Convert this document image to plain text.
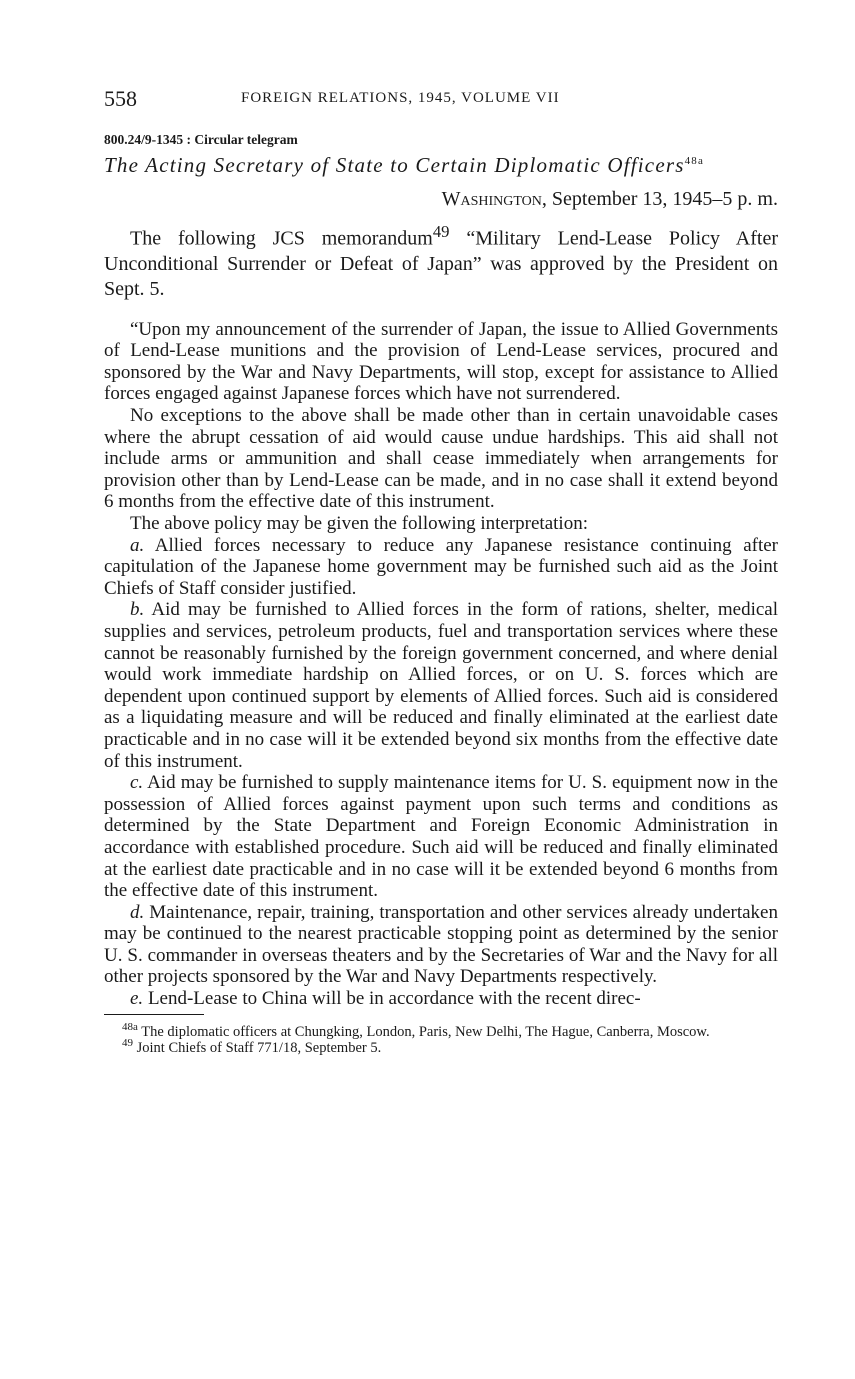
558	FOREIGN RELATIONS, 1945, VOLUME VII
800.24/9-1345 : Circular telegram
The Acting Secretary of State to Certain Diplomatic Officers$^{48a}$
Washington, September 13, 1945–5 p. m.

The following JCS memorandum$^{49}$ “Military Lend-Lease Policy After Unconditional Surrender or Defeat of Japan” was approved by the President on Sept. 5.

“Upon my announcement of the surrender of Japan, the issue to Allied Governments of Lend-Lease munitions and the provision of Lend-Lease services, procured and sponsored by the War and Navy Departments, will stop, except for assistance to Allied forces engaged against Japanese forces which have not surrendered.

No exceptions to the above shall be made other than in certain unavoidable cases where the abrupt cessation of aid would cause undue hardships. This aid shall not include arms or ammunition and shall cease immediately when arrangements for provision other than by Lend-Lease can be made, and in no case shall it extend beyond 6 months from the effective date of this instrument.

The above policy may be given the following interpretation:

a. Allied forces necessary to reduce any Japanese resistance continuing after capitulation of the Japanese home government may be furnished such aid as the Joint Chiefs of Staff consider justified.

b. Aid may be furnished to Allied forces in the form of rations, shelter, medical supplies and services, petroleum products, fuel and transportation services where these cannot be reasonably furnished by the foreign government concerned, and where denial would work immediate hardship on Allied forces, or on U. S. forces which are dependent upon continued support by elements of Allied forces. Such aid is considered as a liquidating measure and will be reduced and finally eliminated at the earliest date practicable and in no case will it be extended beyond six months from the effective date of this instrument.

c. Aid may be furnished to supply maintenance items for U. S. equipment now in the possession of Allied forces against payment upon such terms and conditions as determined by the State Department and Foreign Economic Administration in accordance with established procedure. Such aid will be reduced and finally eliminated at the earliest date practicable and in no case will it be extended beyond 6 months from the effective date of this instrument.

d. Maintenance, repair, training, transportation and other services already undertaken may be continued to the nearest practicable stopping point as determined by the senior U. S. commander in overseas theaters and by the Secretaries of War and the Navy for all other projects sponsored by the War and Navy Departments respectively.

e. Lend-Lease to China will be in accordance with the recent direc-

$^{48a}$ The diplomatic officers at Chungking, London, Paris, New Delhi, The Hague, Canberra, Moscow.

$^{49}$ Joint Chiefs of Staff 771/18, September 5.
